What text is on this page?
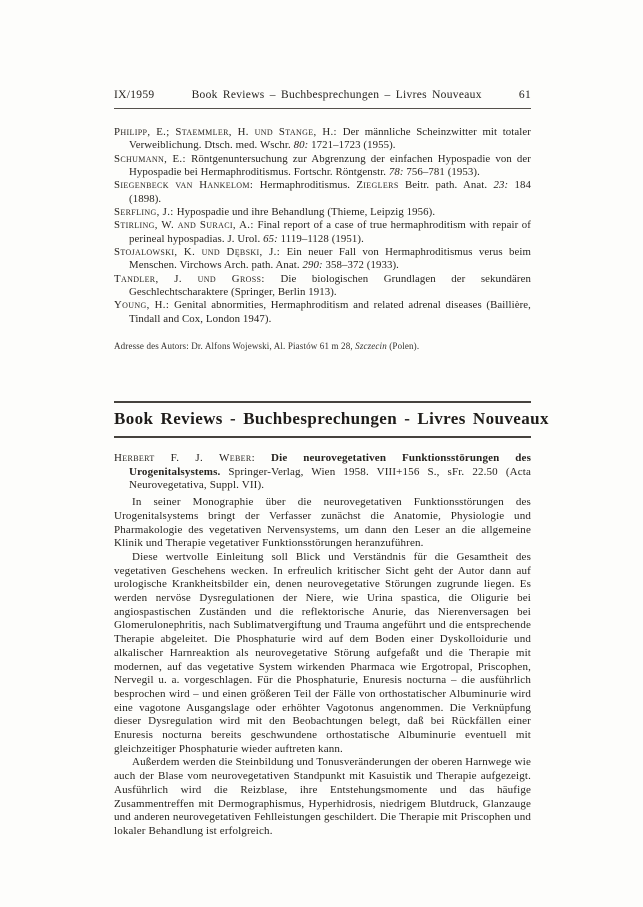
IX/1959	Book Reviews – Buchbesprechungen – Livres Nouveaux	61
Philipp, E.; Staemmler, H. und Stange, H.: Der männliche Scheinzwitter mit totaler Verweiblichung. Dtsch. med. Wschr. 80: 1721–1723 (1955).
Schumann, E.: Röntgenuntersuchung zur Abgrenzung der einfachen Hypospadie von der Hypospadie bei Hermaphroditismus. Fortschr. Röntgenstr. 78: 756–781 (1953).
Siegenbeck van Hankelom: Hermaphroditismus. Zieglers Beitr. path. Anat. 23: 184 (1898).
Serfling, J.: Hypospadie und ihre Behandlung (Thieme, Leipzig 1956).
Stirling, W. and Suraci, A.: Final report of a case of true hermaphroditism with repair of perineal hypospadias. J. Urol. 65: 1119–1128 (1951).
Stojalowski, K. und Dębski, J.: Ein neuer Fall von Hermaphroditismus verus beim Menschen. Virchows Arch. path. Anat. 290: 358–372 (1933).
Tandler, J. und Gross: Die biologischen Grundlagen der sekundären Geschlechtscharaktere (Springer, Berlin 1913).
Young, H.: Genital abnormities, Hermaphroditism and related adrenal diseases (Baillière, Tindall and Cox, London 1947).
Adresse des Autors: Dr. Alfons Wojewski, Al. Piastów 61 m 28, Szczecin (Polen).
Book Reviews - Buchbesprechungen - Livres Nouveaux
Herbert F. J. Weber: Die neurovegetativen Funktionsstörungen des Urogenitalsystems. Springer-Verlag, Wien 1958. VIII+156 S., sFr. 22.50 (Acta Neurovegetativa, Suppl. VII).

In seiner Monographie über die neurovegetativen Funktionsstörungen des Urogenitalsystems bringt der Verfasser zunächst die Anatomie, Physiologie und Pharmakologie des vegetativen Nervensystems, um dann den Leser an die allgemeine Klinik und Therapie vegetativer Funktionsstörungen heranzuführen.

Diese wertvolle Einleitung soll Blick und Verständnis für die Gesamtheit des vegetativen Geschehens wecken. In erfreulich kritischer Sicht geht der Autor dann auf urologische Krankheitsbilder ein, denen neurovegetative Störungen zugrunde liegen. Es werden nervöse Dysregulationen der Niere, wie Urina spastica, die Oligurie bei angiospastischen Zuständen und die reflektorische Anurie, das Nierenversagen bei Glomerulonephritis, nach Sublimatvergiftung und Trauma angeführt und die entsprechende Therapie abgeleitet. Die Phosphaturie wird auf dem Boden einer Dyskolloidurie und alkalischer Harnreaktion als neurovegetative Störung aufgefaßt und die Therapie mit modernen, auf das vegetative System wirkenden Pharmaca wie Ergotropal, Priscophen, Nervegil u. a. vorgeschlagen. Für die Phosphaturie, Enuresis nocturna – die ausführlich besprochen wird – und einen größeren Teil der Fälle von orthostatischer Albuminurie wird eine vagotone Ausgangslage oder erhöhter Vagotonus angenommen. Die Verknüpfung dieser Dysregulation wird mit den Beobachtungen belegt, daß bei Rückfällen einer Enuresis nocturna bereits geschwundene orthostatische Albuminurie eventuell mit gleichzeitiger Phosphaturie wieder auftreten kann.

Außerdem werden die Steinbildung und Tonusveränderungen der oberen Harnwege wie auch der Blase vom neurovegetativen Standpunkt mit Kasuistik und Therapie aufgezeigt. Ausführlich wird die Reizblase, ihre Entstehungsmomente und das häufige Zusammentreffen mit Dermographismus, Hyperhidrosis, niedrigem Blutdruck, Glanzauge und anderen neurovegetativen Fehlleistungen geschildert. Die Therapie mit Priscophen und lokaler Behandlung ist erfolgreich.
